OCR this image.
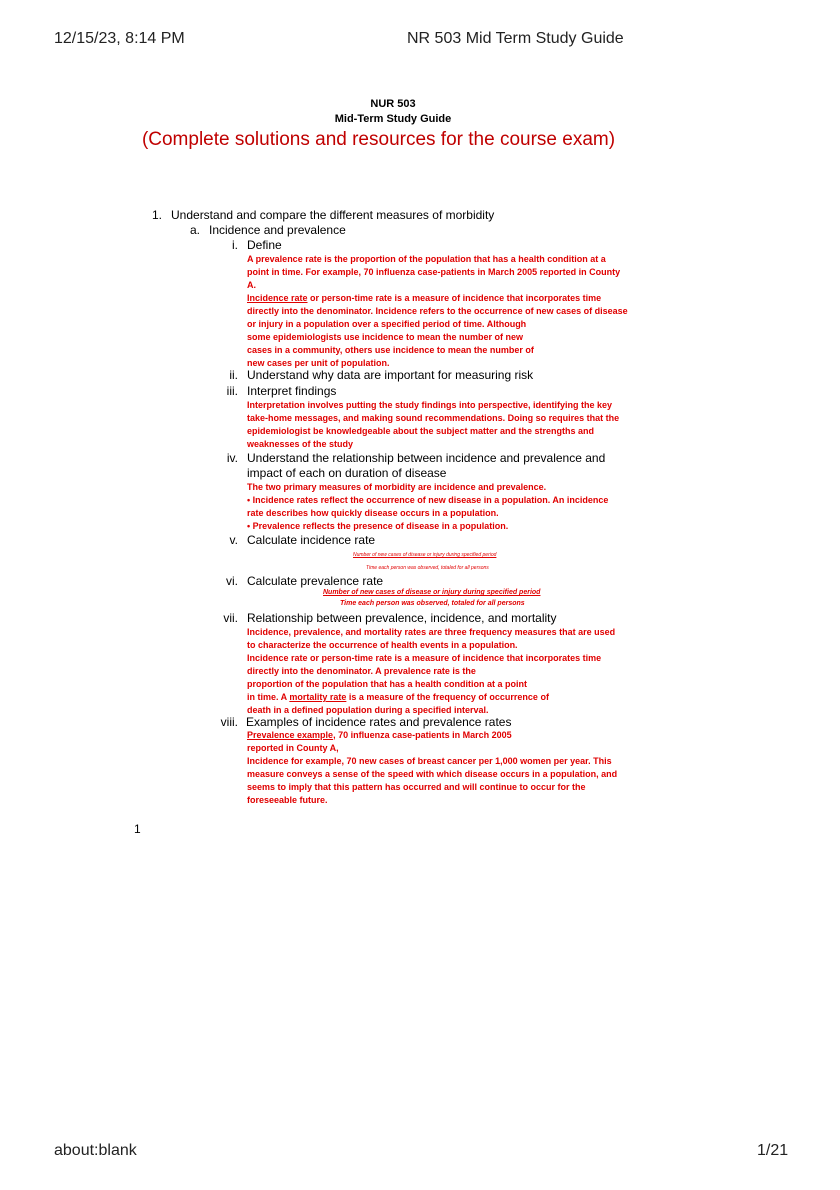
12/15/23, 8:14 PM	NR 503 Mid Term Study Guide
about:blank	1/21
NUR 503
Mid-Term Study Guide
(Complete solutions and resources for the course exam)
1. Understand and compare the different measures of morbidity
a. Incidence and prevalence
i. Define
A prevalence rate is the proportion of the population that has a health condition at a
point in time. For example, 70 influenza case-patients in March 2005 reported in County
A.
Incidence rate or person-time rate is a measure of incidence that incorporates time
directly into the denominator. Incidence refers to the occurrence of new cases of disease
or injury in a population over a specified period of time. Although
some epidemiologists use incidence to mean the number of new
cases in a community, others use incidence to mean the number of
new cases per unit of population.
ii. Understand why data are important for measuring risk
iii. Interpret findings
Interpretation involves putting the study findings into perspective, identifying the key
take-home messages, and making sound recommendations. Doing so requires that the
epidemiologist be knowledgeable about the subject matter and the strengths and
weaknesses of the study
iv. Understand the relationship between incidence and prevalence and
impact of each on duration of disease
The two primary measures of morbidity are incidence and prevalence.
• Incidence rates reflect the occurrence of new disease in a population. An incidence
rate describes how quickly disease occurs in a population.
• Prevalence reflects the presence of disease in a population.
v. Calculate incidence rate
Number of new cases of disease or injury during specified period
Time each person was observed, totaled for all persons
vi. Calculate prevalence rate
Number of new cases of disease or injury during specified period
Time each person was observed, totaled for all persons
vii. Relationship between prevalence, incidence, and mortality
Incidence, prevalence, and mortality rates are three frequency measures that are used
to characterize the occurrence of health events in a population.
Incidence rate or person-time rate is a measure of incidence that incorporates time
directly into the denominator. A prevalence rate is the
proportion of the population that has a health condition at a point
in time. A mortality rate is a measure of the frequency of occurrence of
death in a defined population during a specified interval.
viii. Examples of incidence rates and prevalence rates
Prevalence example, 70 influenza case-patients in March 2005
reported in County A,
Incidence for example, 70 new cases of breast cancer per 1,000 women per year. This
measure conveys a sense of the speed with which disease occurs in a population, and
seems to imply that this pattern has occurred and will continue to occur for the
foreseeable future.
1
